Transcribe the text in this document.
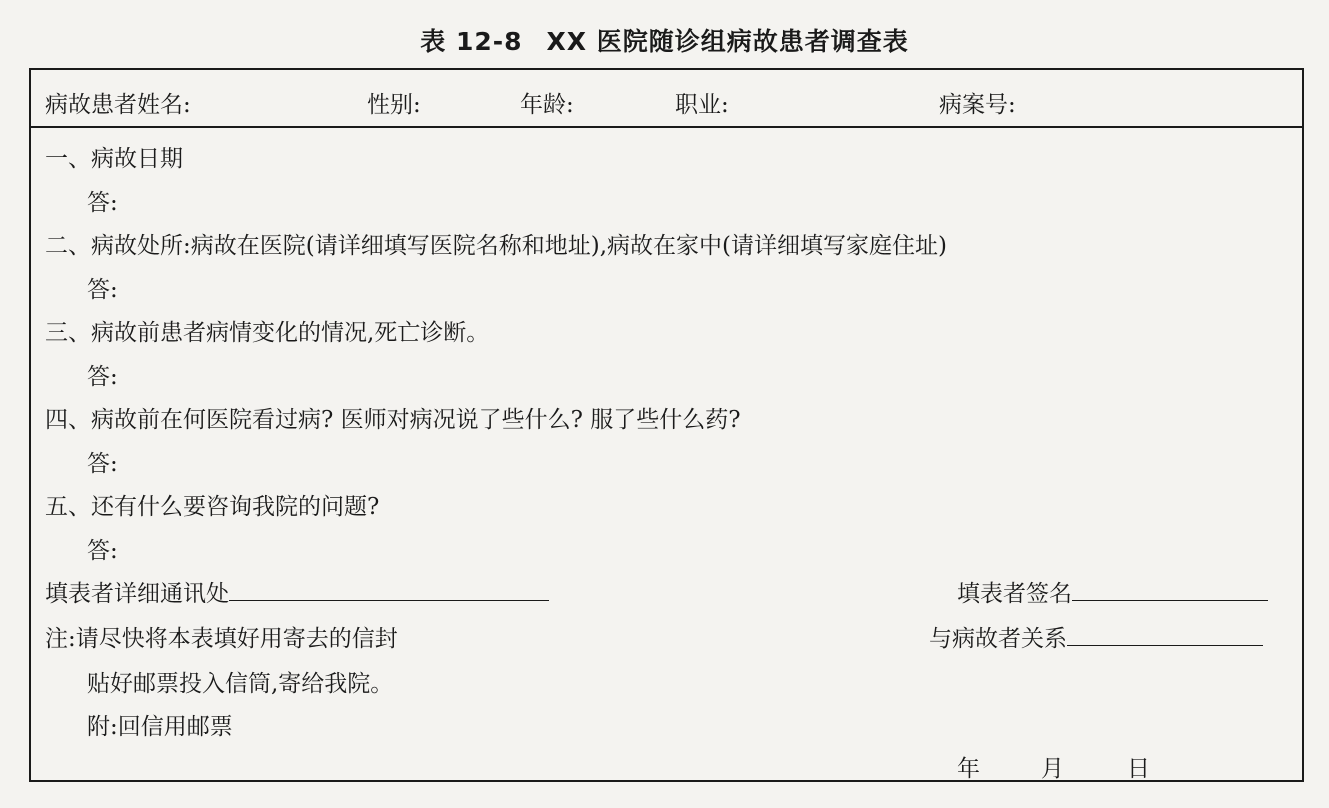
表 12-8 XX 医院随诊组病故患者调查表
病故患者姓名:	性别:	年龄:	职业:	病案号:
一、病故日期
答:
二、病故处所:病故在医院(请详细填写医院名称和地址),病故在家中(请详细填写家庭住址)
答:
三、病故前患者病情变化的情况,死亡诊断。
答:
四、病故前在何医院看过病? 医师对病况说了些什么? 服了些什么药?
答:
五、还有什么要咨询我院的问题?
答:
填表者详细通讯处	填表者签名
注:请尽快将本表填好用寄去的信封	与病故者关系
贴好邮票投入信筒,寄给我院。
附:回信用邮票
年	月	日
